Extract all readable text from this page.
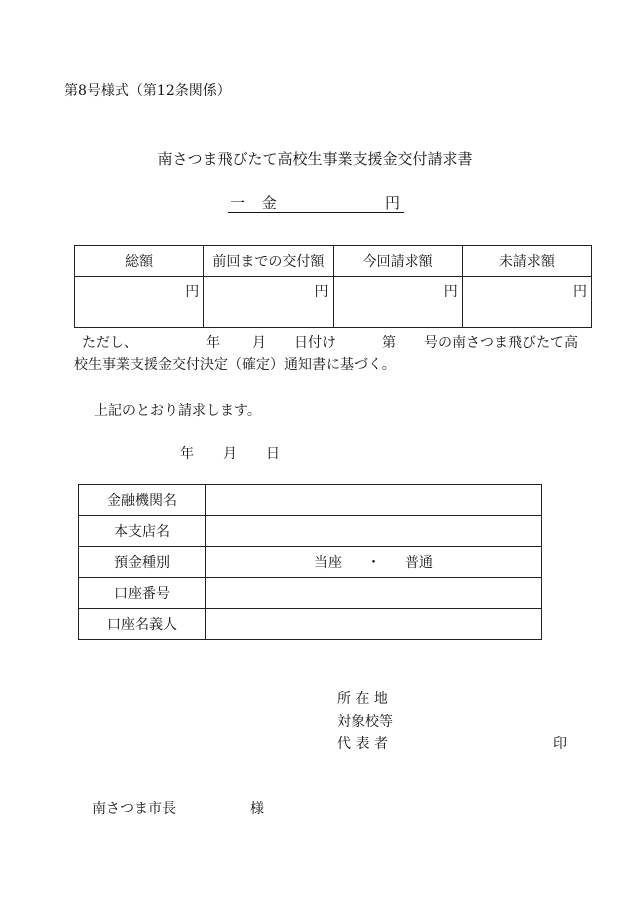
第8号様式（第12条関係）
南さつま飛びたて高校生事業支援金交付請求書
一 金	円
総額	前回までの交付額	今回請求額	未請求額
円	円	円	円
ただし、	年 月 日付け	第 号の南さつま飛びたて高
校生事業支援金交付決定（確定）通知書に基づく。
上記のとおり請求します。
年 月 日
金融機関名	
本支店名	
預金種別	当座 ・ 普通
口座番号	
口座名義人	
所 在 地
対象校等
代 表 者	印
南さつま市長	様
